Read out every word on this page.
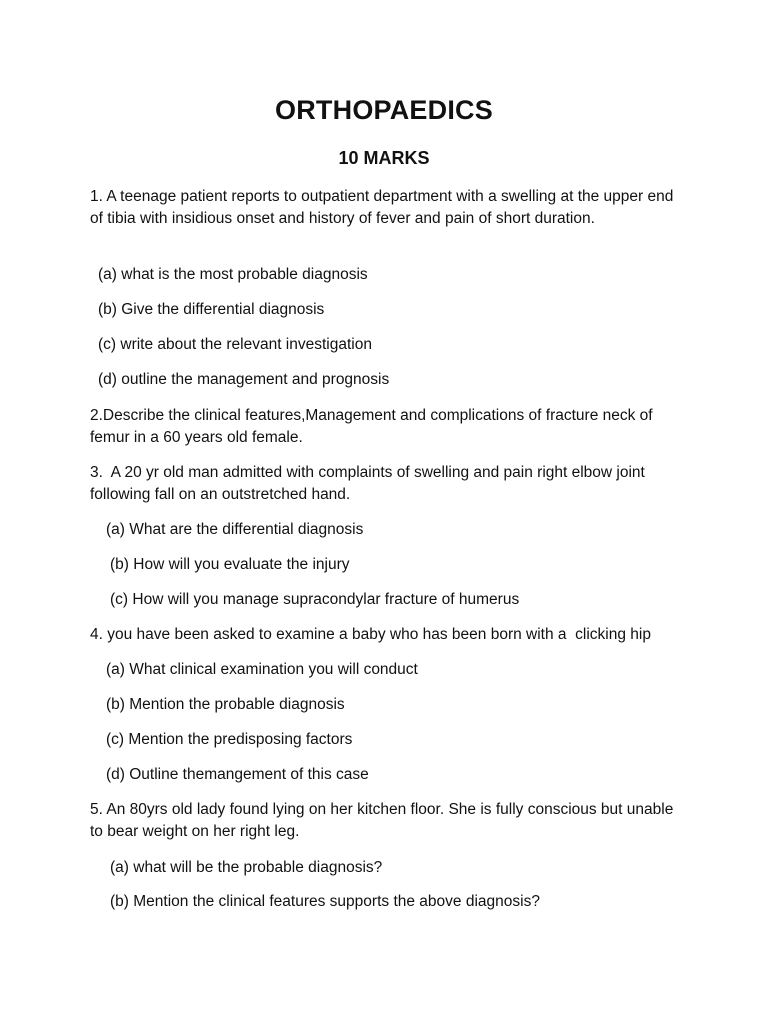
ORTHOPAEDICS
10 MARKS
1. A teenage patient reports to outpatient department with a swelling at the upper end of tibia with insidious onset and history of fever and pain of short duration.
(a) what is the most probable diagnosis
(b) Give the differential diagnosis
(c) write about the relevant investigation
(d) outline the management and prognosis
2.Describe the clinical features,Management and complications of fracture neck of femur in a 60 years old female.
3.  A 20 yr old man admitted with complaints of swelling and pain right elbow joint following fall on an outstretched hand.
(a) What are the differential diagnosis
(b) How will you evaluate the injury
(c) How will you manage supracondylar fracture of humerus
4. you have been asked to examine a baby who has been born with a  clicking hip
(a) What clinical examination you will conduct
(b) Mention the probable diagnosis
(c) Mention the predisposing factors
(d) Outline themangement of this case
5. An 80yrs old lady found lying on her kitchen floor. She is fully conscious but unable to bear weight on her right leg.
(a) what will be the probable diagnosis?
(b) Mention the clinical features supports the above diagnosis?
